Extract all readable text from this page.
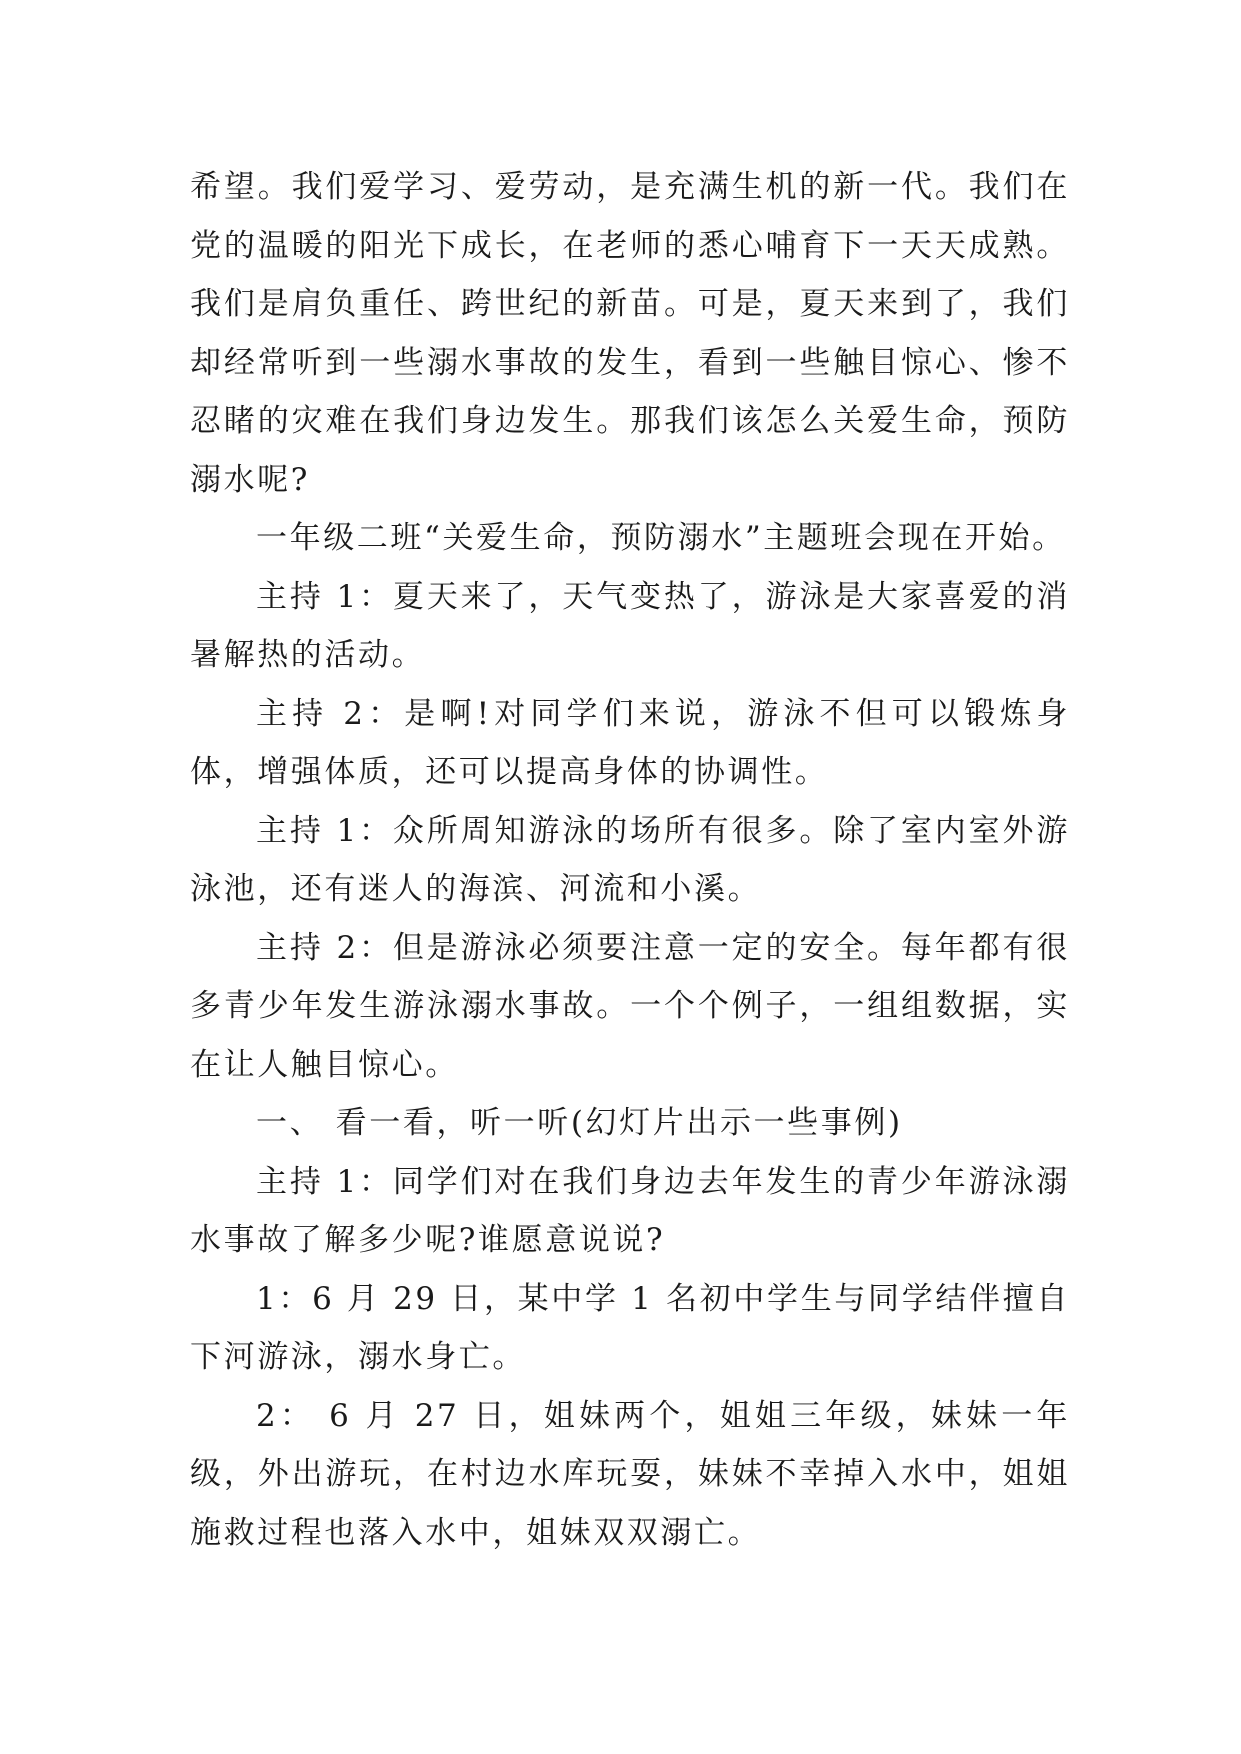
希望。我们爱学习、爱劳动，是充满生机的新一代。我们在党的温暖的阳光下成长，在老师的悉心哺育下一天天成熟。我们是肩负重任、跨世纪的新苗。可是，夏天来到了，我们却经常听到一些溺水事故的发生，看到一些触目惊心、惨不忍睹的灾难在我们身边发生。那我们该怎么关爱生命，预防溺水呢?

一年级二班“关爱生命，预防溺水”主题班会现在开始。

主持 1：夏天来了，天气变热了，游泳是大家喜爱的消暑解热的活动。

主持 2：是啊!对同学们来说，游泳不但可以锻炼身体，增强体质，还可以提高身体的协调性。

主持 1：众所周知游泳的场所有很多。除了室内室外游泳池，还有迷人的海滨、河流和小溪。

主持 2：但是游泳必须要注意一定的安全。每年都有很多青少年发生游泳溺水事故。一个个例子，一组组数据，实在让人触目惊心。

一、 看一看，听一听(幻灯片出示一些事例)

主持 1：同学们对在我们身边去年发生的青少年游泳溺水事故了解多少呢?谁愿意说说?

1：6 月 29 日，某中学 1 名初中学生与同学结伴擅自下河游泳，溺水身亡。

2： 6 月 27 日，姐妹两个，姐姐三年级，妹妹一年级，外出游玩，在村边水库玩耍，妹妹不幸掉入水中，姐姐施救过程也落入水中，姐妹双双溺亡。
